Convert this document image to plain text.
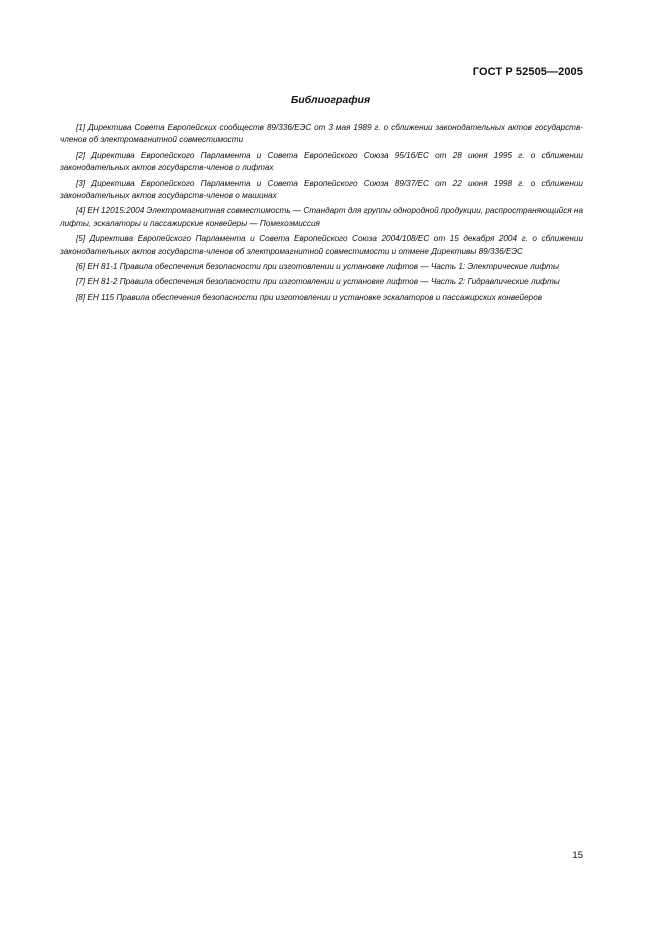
ГОСТ Р 52505—2005
Библиография
[1] Директива Совета Европейских сообществ 89/336/ЕЭС от 3 мая 1989 г. о сближении законодательных актов государств-членов об электромагнитной совместимости
[2] Директива Европейского Парламента и Совета Европейского Союза 95/16/ЕС от 28 июня 1995 г. о сближении законодательных актов государств-членов о лифтах
[3] Директива Европейского Парламента и Совета Европейского Союза 89/37/ЕС от 22 июня 1998 г. о сближении законодательных актов государств-членов о машинах
[4] ЕН 12015:2004 Электромагнитная совместимость — Стандарт для группы однородной продукции, распространяющийся на лифты, эскалаторы и пассажирские конвейеры — Помехоэмиссия
[5] Директива Европейского Парламента и Совета Европейского Союза 2004/108/ЕС от 15 декабря 2004 г. о сближении законодательных актов государств-членов об электромагнитной совместимости и отмене Директивы 89/336/ЕЭС
[6] ЕН 81-1 Правила обеспечения безопасности при изготовлении и установке лифтов — Часть 1: Электрические лифты
[7] ЕН 81-2 Правила обеспечения безопасности при изготовлении и установке лифтов — Часть 2: Гидравлические лифты
[8] ЕН 115 Правила обеспечения безопасности при изготовлении и установке эскалаторов и пассажирских конвейеров
15
